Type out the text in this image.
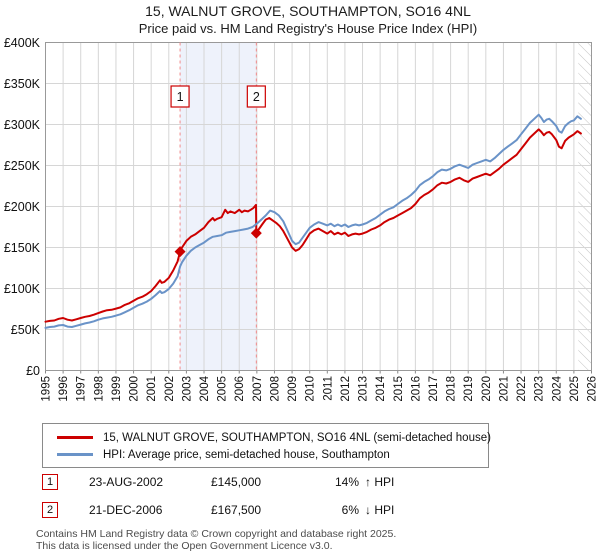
1	2
£0
£50K
£100K
£150K
£200K
£250K
£300K
£350K
£400K
1995 1996 1997 1998 1999 2000 2001 2002 2003 2004 2005 2006 2007 2008 2009 2010 2011 2012 2013 2014 2015 2016 2017 2018 2019 2020 2021 2022 2023 2024 2025 2026
15, WALNUT GROVE, SOUTHAMPTON, SO16 4NL
Price paid vs. HM Land Registry's House Price Index (HPI)
15, WALNUT GROVE, SOUTHAMPTON, SO16 4NL (semi-detached house)
HPI: Average price, semi-detached house, Southampton
1	23-AUG-2002	£145,000	14% ↑ HPI
2	21-DEC-2006	£167,500	6% ↓ HPI
Contains HM Land Registry data © Crown copyright and database right 2025.
This data is licensed under the Open Government Licence v3.0.
